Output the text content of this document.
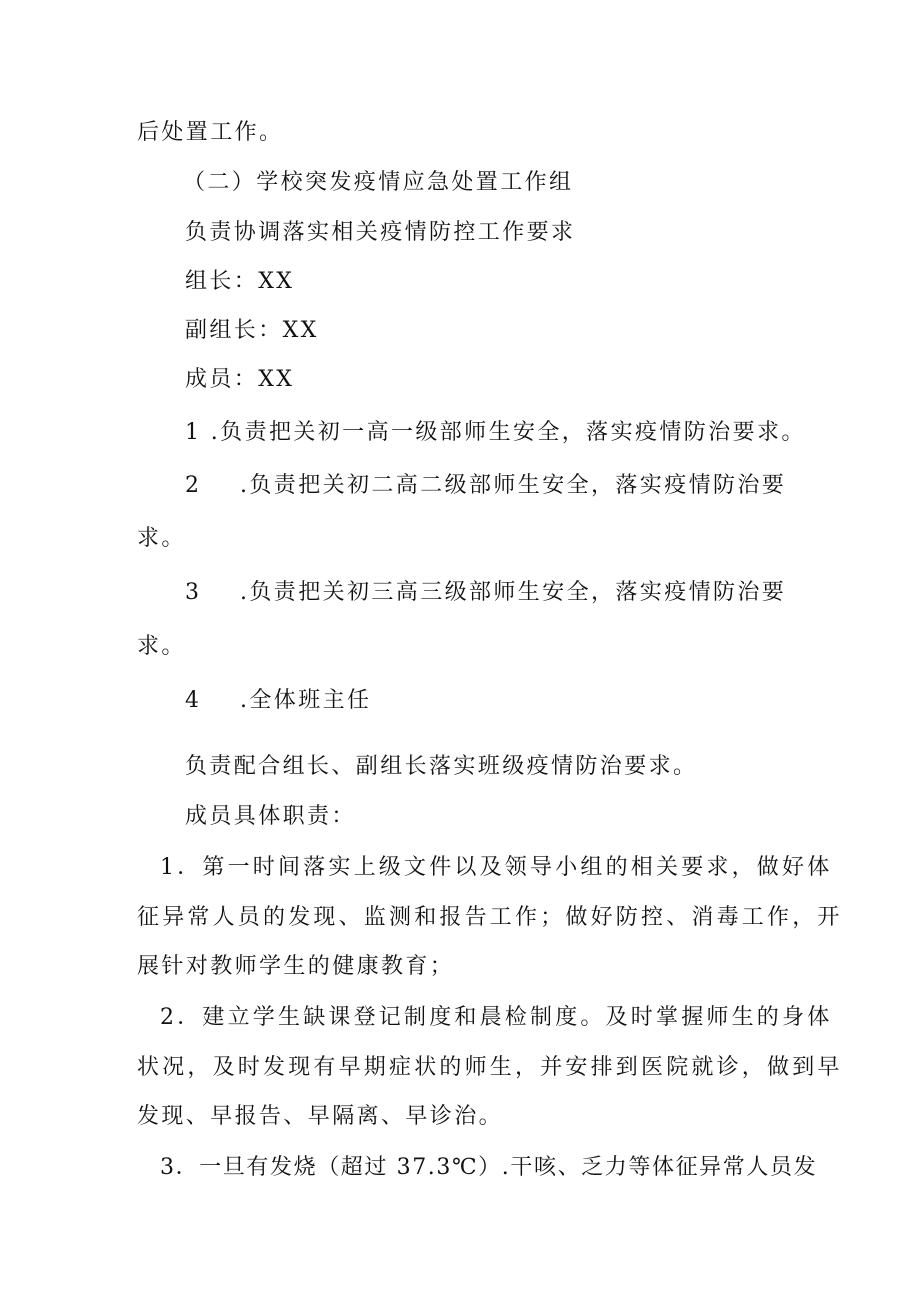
后处置工作。
（二）学校突发疫情应急处置工作组
负责协调落实相关疫情防控工作要求
组长：XX
副组长：XX
成员：XX
1 .负责把关初一高一级部师生安全，落实疫情防治要求。
2 .负责把关初二高二级部师生安全，落实疫情防治要
求。
3 .负责把关初三高三级部师生安全，落实疫情防治要
求。
4 .全体班主任
负责配合组长、副组长落实班级疫情防治要求。
成员具体职责：
1．第一时间落实上级文件以及领导小组的相关要求，做好体
征异常人员的发现、监测和报告工作；做好防控、消毒工作，开
展针对教师学生的健康教育；
2．建立学生缺课登记制度和晨检制度。及时掌握师生的身体
状况，及时发现有早期症状的师生，并安排到医院就诊，做到早
发现、早报告、早隔离、早诊治。
3．一旦有发烧（超过 37.3℃）.干咳、乏力等体征异常人员发
